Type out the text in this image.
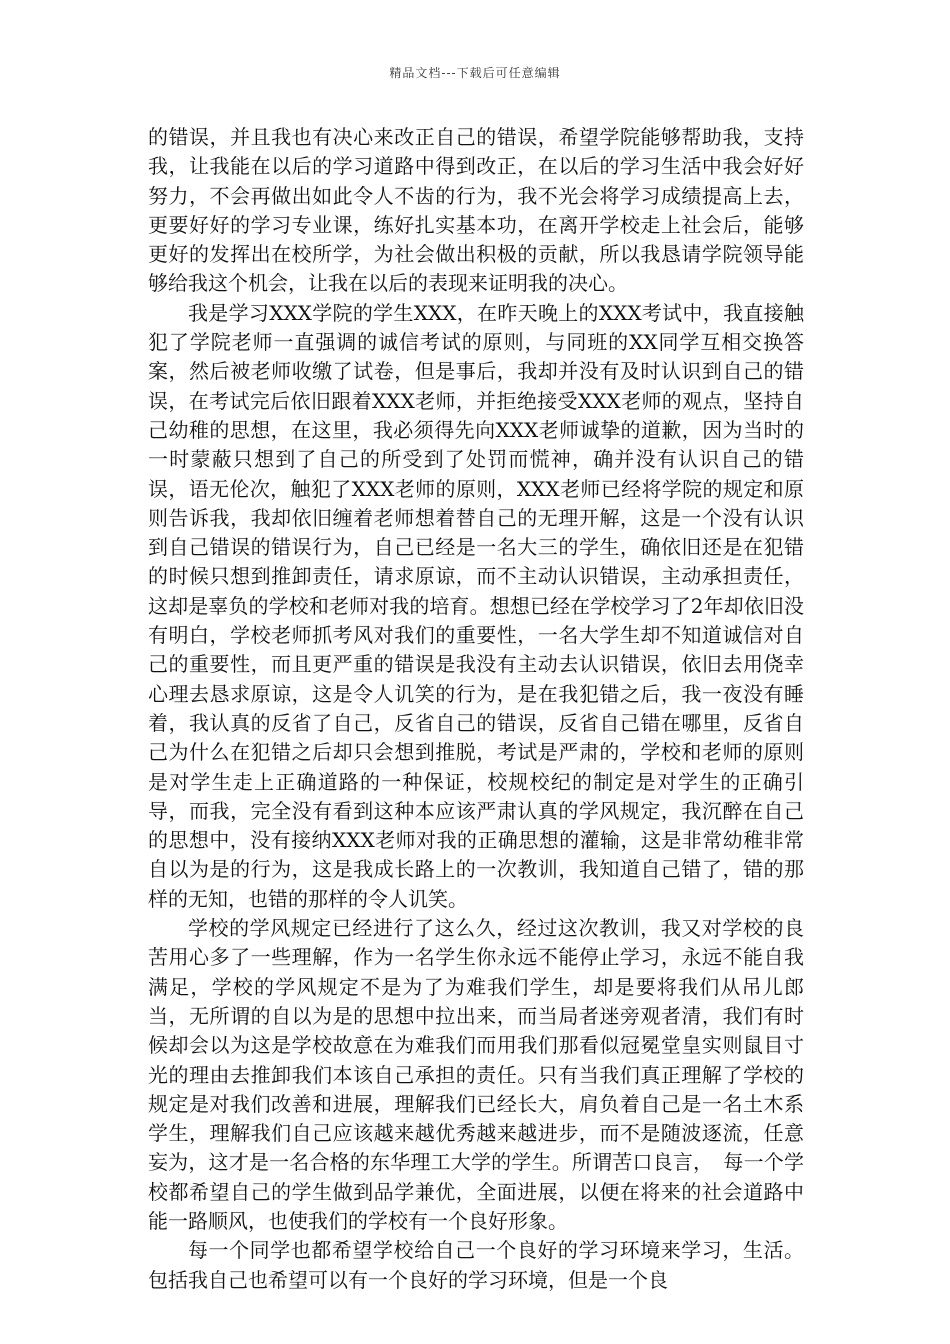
精品文档---下载后可任意编辑

的错误，并且我也有决心来改正自己的错误，希望学院能够帮助我，支持我，让我能在以后的学习道路中得到改正，在以后的学习生活中我会好好努力，不会再做出如此令人不齿的行为，我不光会将学习成绩提高上去，更要好好的学习专业课，练好扎实基本功，在离开学校走上社会后，能够更好的发挥出在校所学，为社会做出积极的贡献，所以我恳请学院领导能够给我这个机会，让我在以后的表现来证明我的决心。

我是学习XXX学院的学生XXX，在昨天晚上的XXX考试中，我直接触犯了学院老师一直强调的诚信考试的原则，与同班的XX同学互相交换答案，然后被老师收缴了试卷，但是事后，我却并没有及时认识到自己的错误，在考试完后依旧跟着XXX老师，并拒绝接受XXX老师的观点，坚持自己幼稚的思想，在这里，我必须得先向XXX老师诚挚的道歉，因为当时的一时蒙蔽只想到了自己的所受到了处罚而慌神，确并没有认识自己的错误，语无伦次，触犯了XXX老师的原则，XXX老师已经将学院的规定和原则告诉我，我却依旧缠着老师想着替自己的无理开解，这是一个没有认识到自己错误的错误行为，自己已经是一名大三的学生，确依旧还是在犯错的时候只想到推卸责任，请求原谅，而不主动认识错误，主动承担责任，这却是辜负的学校和老师对我的培育。想想已经在学校学习了2年却依旧没有明白，学校老师抓考风对我们的重要性，一名大学生却不知道诚信对自己的重要性，而且更严重的错误是我没有主动去认识错误，依旧去用侥幸心理去恳求原谅，这是令人讥笑的行为，是在我犯错之后，我一夜没有睡着，我认真的反省了自己，反省自己的错误，反省自己错在哪里，反省自己为什么在犯错之后却只会想到推脱，考试是严肃的，学校和老师的原则是对学生走上正确道路的一种保证，校规校纪的制定是对学生的正确引导，而我，完全没有看到这种本应该严肃认真的学风规定，我沉醉在自己的思想中，没有接纳XXX老师对我的正确思想的灌输，这是非常幼稚非常自以为是的行为，这是我成长路上的一次教训，我知道自己错了，错的那样的无知，也错的那样的令人讥笑。

学校的学风规定已经进行了这么久，经过这次教训，我又对学校的良苦用心多了一些理解，作为一名学生你永远不能停止学习，永远不能自我满足，学校的学风规定不是为了为难我们学生，却是要将我们从吊儿郎当，无所谓的自以为是的思想中拉出来，而当局者迷旁观者清，我们有时候却会以为这是学校故意在为难我们而用我们那看似冠冕堂皇实则鼠目寸光的理由去推卸我们本该自己承担的责任。只有当我们真正理解了学校的规定是对我们改善和进展，理解我们已经长大，肩负着自己是一名土木系学生，理解我们自己应该越来越优秀越来越进步，而不是随波逐流，任意妄为，这才是一名合格的东华理工大学的学生。所谓苦口良言，　每一个学校都希望自己的学生做到品学兼优，全面进展，以便在将来的社会道路中能一路顺风，也使我们的学校有一个良好形象。

每一个同学也都希望学校给自己一个良好的学习环境来学习，生活。包括我自己也希望可以有一个良好的学习环境，但是一个良
